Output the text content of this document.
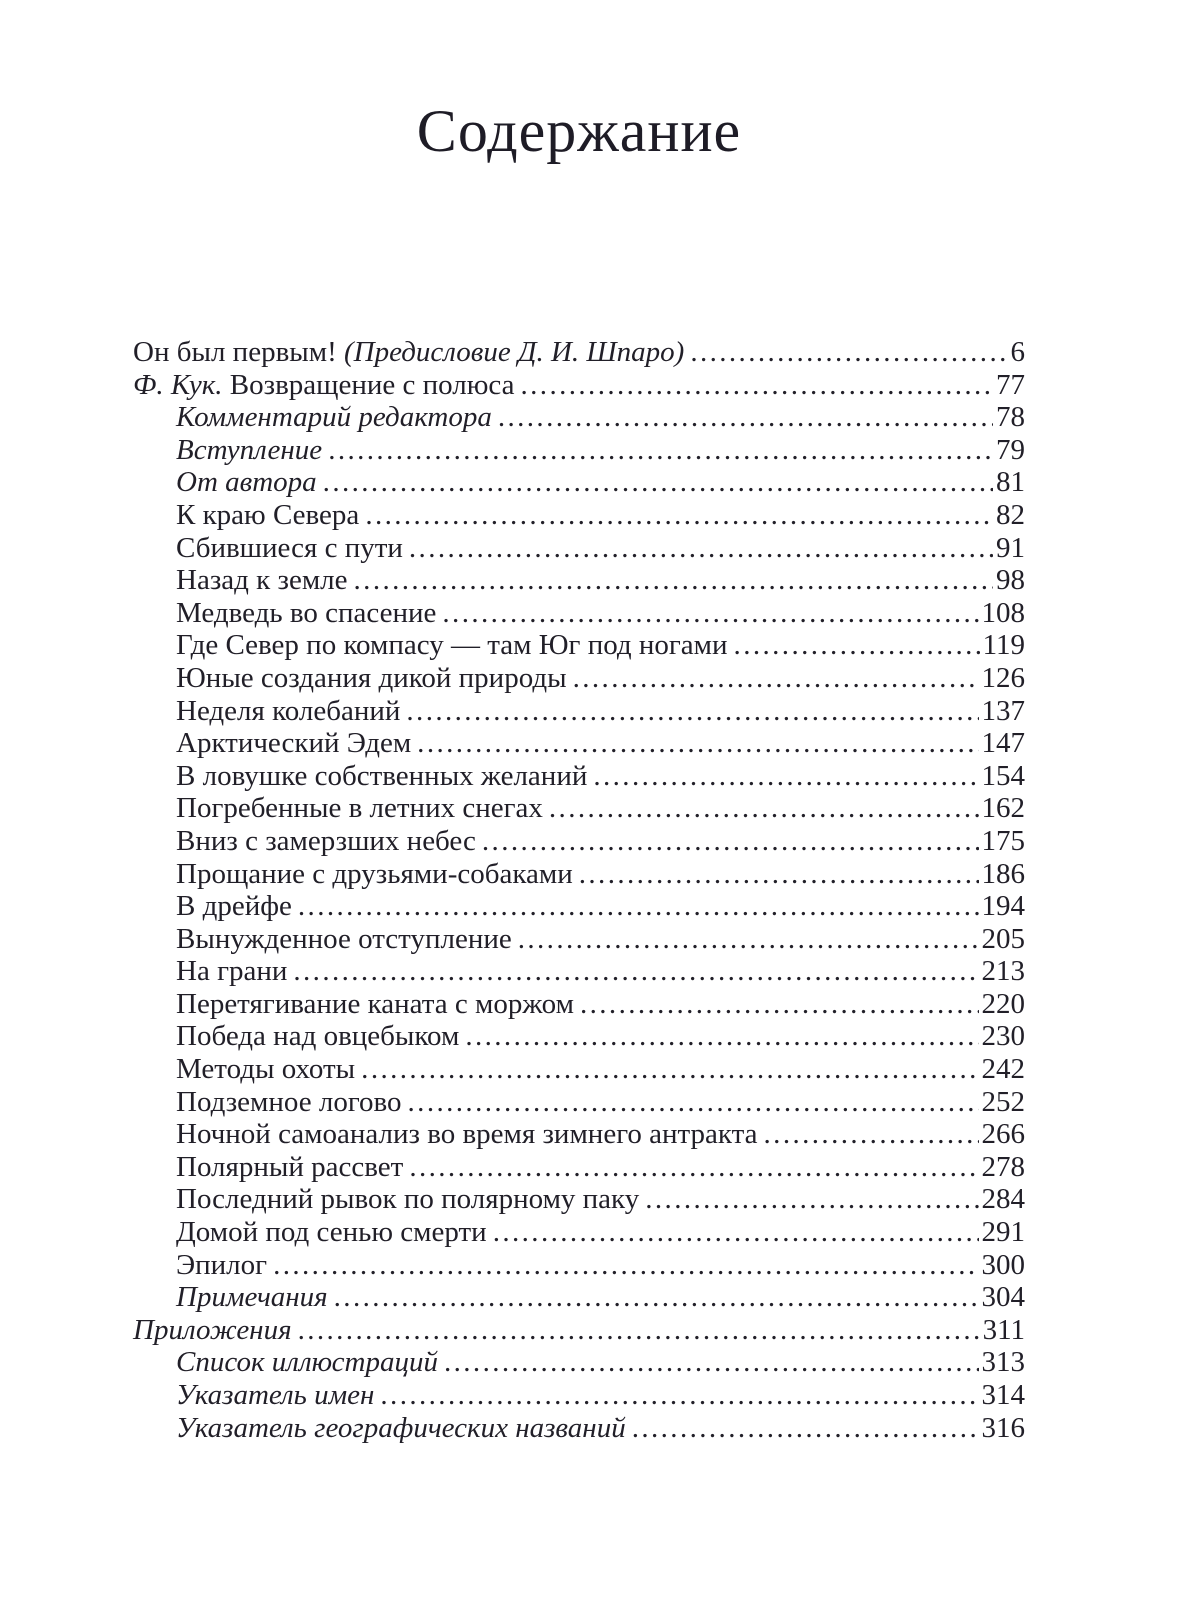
Содержание
Он был первым! (Предисловие Д. И. Шпаро) .....	6
Ф. Кук. Возвращение с полюса .....	77
Комментарий редактора .....	78
Вступление .....	79
От автора .....	81
К краю Севера .....	82
Сбившиеся с пути .....	91
Назад к земле .....	98
Медведь во спасение .....	108
Где Север по компасу — там Юг под ногами .....	119
Юные создания дикой природы .....	126
Неделя колебаний .....	137
Арктический Эдем .....	147
В ловушке собственных желаний .....	154
Погребенные в летних снегах .....	162
Вниз с замерзших небес .....	175
Прощание с друзьями-собаками .....	186
В дрейфе .....	194
Вынужденное отступление .....	205
На грани .....	213
Перетягивание каната с моржом .....	220
Победа над овцебыком .....	230
Методы охоты .....	242
Подземное логово .....	252
Ночной самоанализ во время зимнего антракта .....	266
Полярный рассвет .....	278
Последний рывок по полярному паку .....	284
Домой под сенью смерти .....	291
Эпилог .....	300
Примечания .....	304
Приложения .....	311
Список иллюстраций .....	313
Указатель имен .....	314
Указатель географических названий .....	316
